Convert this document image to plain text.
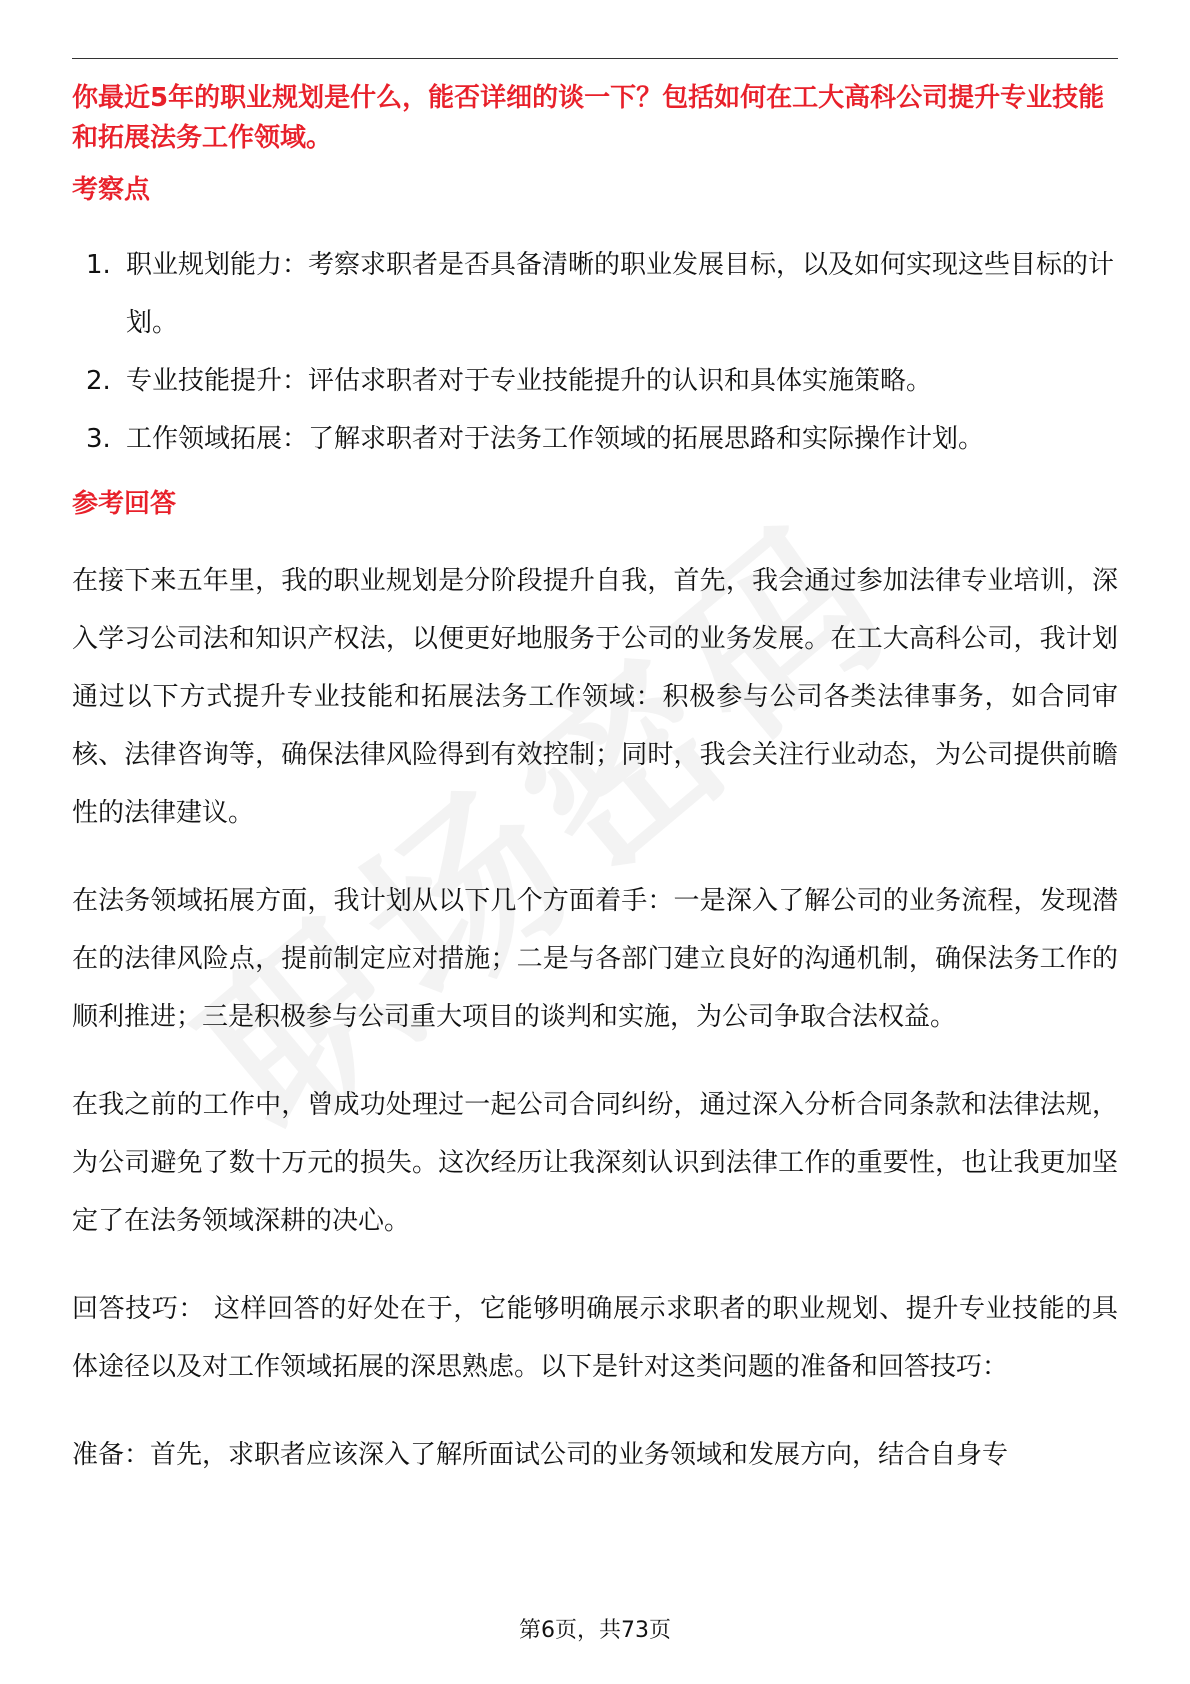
你最近5年的职业规划是什么，能否详细的谈一下？包括如何在工大高科公司提升专业技能和拓展法务工作领域。

考察点
1. 职业规划能力：考察求职者是否具备清晰的职业发展目标，以及如何实现这些目标的计划。
2. 专业技能提升：评估求职者对于专业技能提升的认识和具体实施策略。
3. 工作领域拓展：了解求职者对于法务工作领域的拓展思路和实际操作计划。
参考回答

在接下来五年里，我的职业规划是分阶段提升自我，首先，我会通过参加法律专业培训，深入学习公司法和知识产权法，以便更好地服务于公司的业务发展。在工大高科公司，我计划通过以下方式提升专业技能和拓展法务工作领域：积极参与公司各类法律事务，如合同审核、法律咨询等，确保法律风险得到有效控制；同时，我会关注行业动态，为公司提供前瞻性的法律建议。

在法务领域拓展方面，我计划从以下几个方面着手：一是深入了解公司的业务流程，发现潜在的法律风险点，提前制定应对措施；二是与各部门建立良好的沟通机制，确保法务工作的顺利推进；三是积极参与公司重大项目的谈判和实施，为公司争取合法权益。

在我之前的工作中，曾成功处理过一起公司合同纠纷，通过深入分析合同条款和法律法规，为公司避免了数十万元的损失。这次经历让我深刻认识到法律工作的重要性，也让我更加坚定了在法务领域深耕的决心。

回答技巧： 这样回答的好处在于，它能够明确展示求职者的职业规划、提升专业技能的具体途径以及对工作领域拓展的深思熟虑。以下是针对这类问题的准备和回答技巧：

准备：首先，求职者应该深入了解所面试公司的业务领域和发展方向，结合自身专

第6页，共73页
